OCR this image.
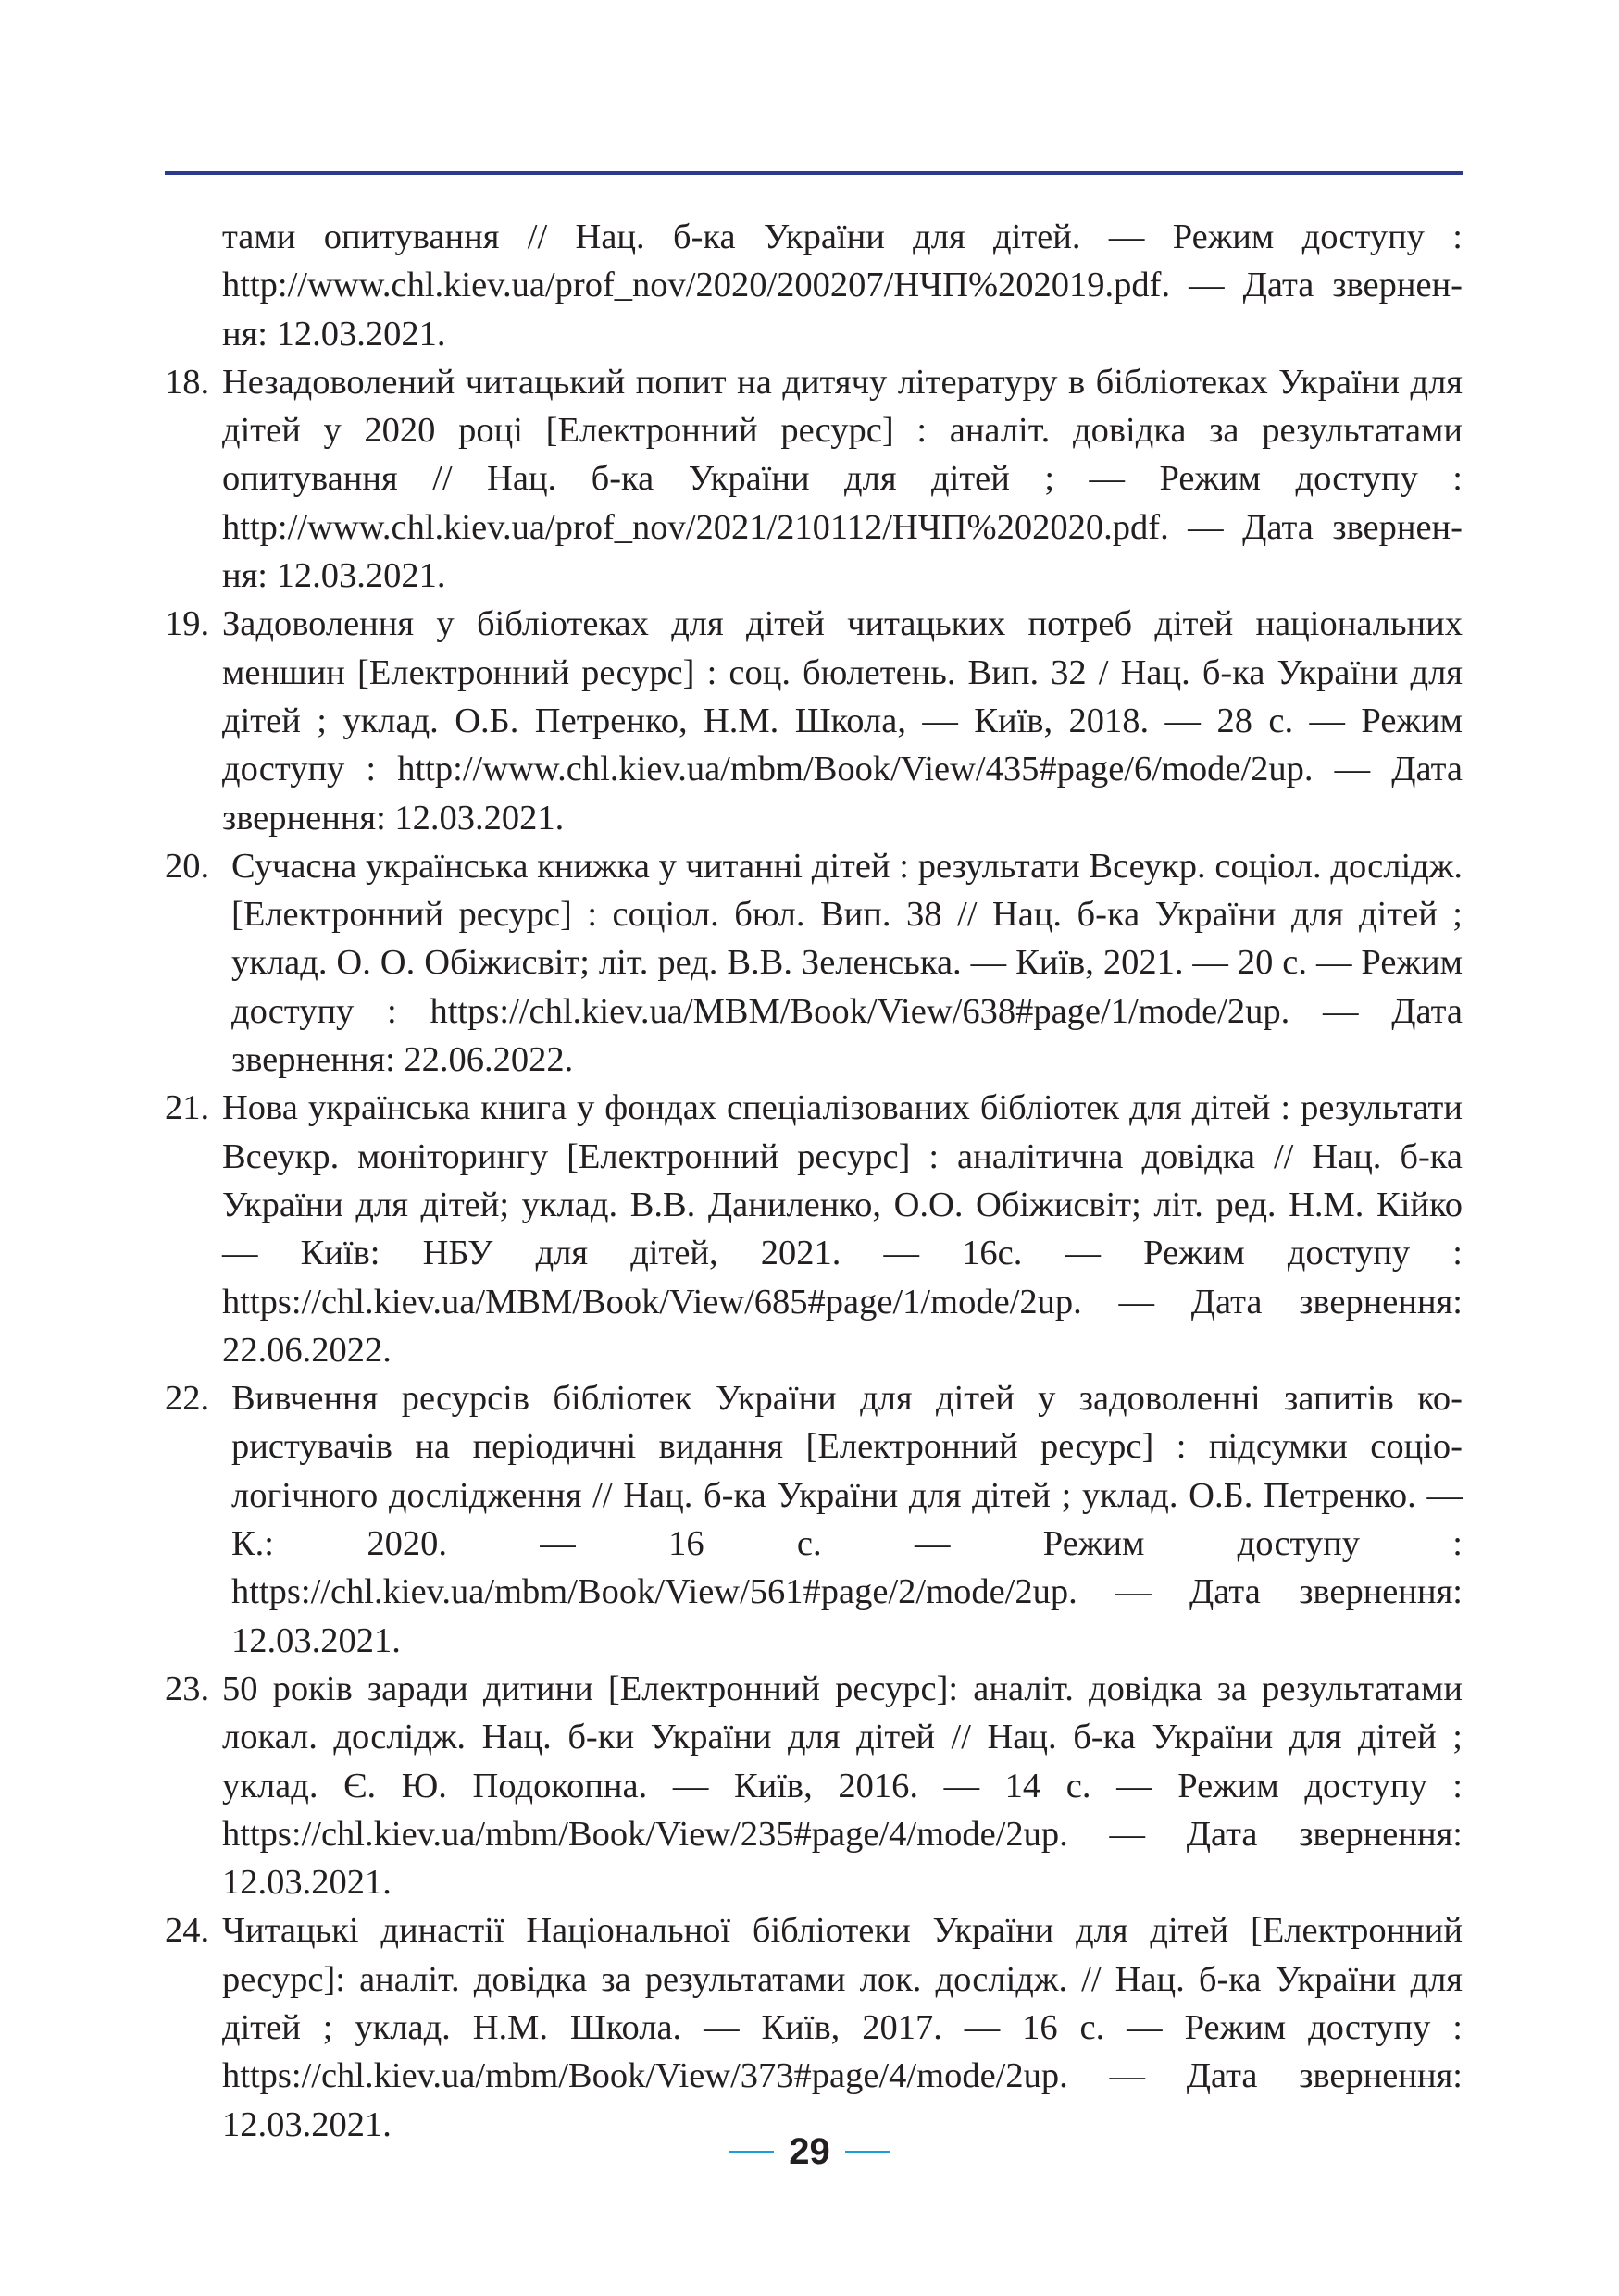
тами опитування // Нац. б-ка України для дітей. — Режим доступу : http://www.chl.kiev.ua/prof_nov/2020/200207/НЧП%202019.pdf. — Дата звернення: 12.03.2021.
18. Незадоволений читацький попит на дитячу літературу в бібліотеках України для дітей у 2020 році [Електронний ресурс] : аналіт. довідка за результатами опитування // Нац. б-ка України для дітей ; — Режим доступу : http://www.chl.kiev.ua/prof_nov/2021/210112/НЧП%202020.pdf. — Дата звернення: 12.03.2021.
19. Задоволення у бібліотеках для дітей читацьких потреб дітей національних меншин [Електронний ресурс] : соц. бюлетень. Вип. 32 / Нац. б-ка України для дітей ; уклад. О.Б. Петренко, Н.М. Школа, — Київ, 2018. — 28 с. — Режим доступу : http://www.chl.kiev.ua/mbm/Book/View/435#page/6/mode/2up. — Дата звернення: 12.03.2021.
20. Сучасна українська книжка у читанні дітей : результати Всеукр. соціол. дослідж. [Електронний ресурс] : соціол. бюл. Вип. 38 // Нац. б-ка України для дітей ; уклад. О. О. Обіжисвіт; літ. ред. В.В. Зеленська. — Київ, 2021. — 20 с. — Режим доступу : https://chl.kiev.ua/MBM/Book/View/638#page/1/mode/2up. — Дата звернення: 22.06.2022.
21. Нова українська книга у фондах спеціалізованих бібліотек для дітей : результати Всеукр. моніторингу [Електронний ресурс] : аналітична довідка // Нац. б-ка України для дітей; уклад. В.В. Даниленко, О.О. Обіжисвіт; літ. ред. Н.М. Кійко — Київ: НБУ для дітей, 2021. — 16с. — Режим доступу : https://chl.kiev.ua/MBM/Book/View/685#page/1/mode/2up. — Дата звернення: 22.06.2022.
22. Вивчення ресурсів бібліотек України для дітей у задоволенні запитів користувачів на періодичні видання [Електронний ресурс] : підсумки соціологічного дослідження // Нац. б-ка України для дітей ; уклад. О.Б. Петренко. — К.: 2020. — 16 с. — Режим доступу : https://chl.kiev.ua/mbm/Book/View/561#page/2/mode/2up. — Дата звернення: 12.03.2021.
23. 50 років заради дитини [Електронний ресурс]: аналіт. довідка за результатами локал. дослідж. Нац. б-ки України для дітей // Нац. б-ка України для дітей ; уклад. Є. Ю. Подокопна. — Київ, 2016. — 14 с. — Режим доступу : https://chl.kiev.ua/mbm/Book/View/235#page/4/mode/2up. — Дата звернення: 12.03.2021.
24. Читацькі династії Національної бібліотеки України для дітей [Електронний ресурс]: аналіт. довідка за результатами лок. дослідж. // Нац. б-ка України для дітей ; уклад. Н.М. Школа. — Київ, 2017. — 16 с. — Режим доступу : https://chl.kiev.ua/mbm/Book/View/373#page/4/mode/2up. — Дата звернення: 12.03.2021.
29
